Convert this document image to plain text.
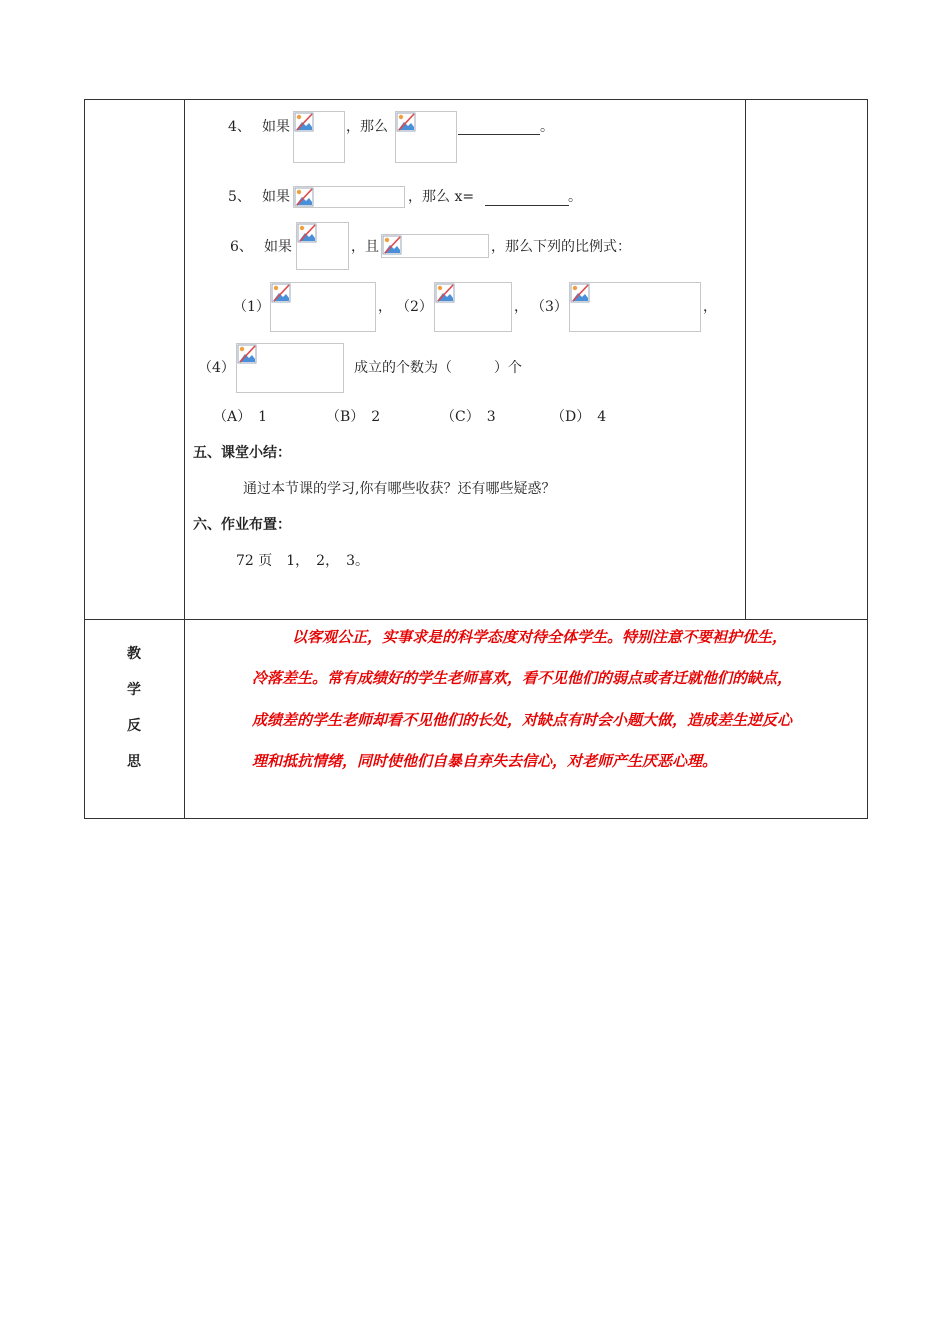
4、 如果	，那么	。
5、 如果	，那么 x=	。
6、 如果	，且	，那么下列的比例式：
（1）	， （2）	， （3）	，
（4）	成立的个数为（　　　）个
（A）　1	（B）　2	（C）　3	（D）　4
五、课堂小结：
通过本节课的学习,你有哪些收获？还有哪些疑惑？
六、作业布置：
72 页　1，　2，　3。
教
学
反
思
以客观公正，实事求是的科学态度对待全体学生。特别注意不要袒护优生，
冷落差生。常有成绩好的学生老师喜欢，看不见他们的弱点或者迁就他们的缺点，
成绩差的学生老师却看不见他们的长处，对缺点有时会小题大做，造成差生逆反心
理和抵抗情绪，同时使他们自暴自弃失去信心，对老师产生厌恶心理。
